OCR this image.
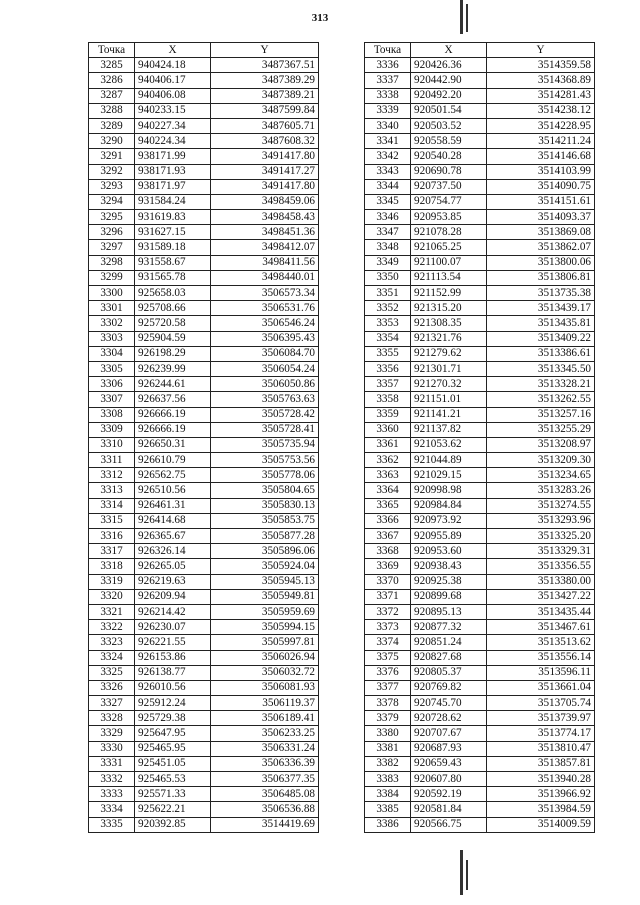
313
Точка	X	Y
3285	940424.18	3487367.51
3286	940406.17	3487389.29
3287	940406.08	3487389.21
3288	940233.15	3487599.84
3289	940227.34	3487605.71
3290	940224.34	3487608.32
3291	938171.99	3491417.80
3292	938171.93	3491417.27
3293	938171.97	3491417.80
3294	931584.24	3498459.06
3295	931619.83	3498458.43
3296	931627.15	3498451.36
3297	931589.18	3498412.07
3298	931558.67	3498411.56
3299	931565.78	3498440.01
3300	925658.03	3506573.34
3301	925708.66	3506531.76
3302	925720.58	3506546.24
3303	925904.59	3506395.43
3304	926198.29	3506084.70
3305	926239.99	3506054.24
3306	926244.61	3506050.86
3307	926637.56	3505763.63
3308	926666.19	3505728.42
3309	926666.19	3505728.41
3310	926650.31	3505735.94
3311	926610.79	3505753.56
3312	926562.75	3505778.06
3313	926510.56	3505804.65
3314	926461.31	3505830.13
3315	926414.68	3505853.75
3316	926365.67	3505877.28
3317	926326.14	3505896.06
3318	926265.05	3505924.04
3319	926219.63	3505945.13
3320	926209.94	3505949.81
3321	926214.42	3505959.69
3322	926230.07	3505994.15
3323	926221.55	3505997.81
3324	926153.86	3506026.94
3325	926138.77	3506032.72
3326	926010.56	3506081.93
3327	925912.24	3506119.37
3328	925729.38	3506189.41
3329	925647.95	3506233.25
3330	925465.95	3506331.24
3331	925451.05	3506336.39
3332	925465.53	3506377.35
3333	925571.33	3506485.08
3334	925622.21	3506536.88
3335	920392.85	3514419.69
Точка	X	Y
3336	920426.36	3514359.58
3337	920442.90	3514368.89
3338	920492.20	3514281.43
3339	920501.54	3514238.12
3340	920503.52	3514228.95
3341	920558.59	3514211.24
3342	920540.28	3514146.68
3343	920690.78	3514103.99
3344	920737.50	3514090.75
3345	920754.77	3514151.61
3346	920953.85	3514093.37
3347	921078.28	3513869.08
3348	921065.25	3513862.07
3349	921100.07	3513800.06
3350	921113.54	3513806.81
3351	921152.99	3513735.38
3352	921315.20	3513439.17
3353	921308.35	3513435.81
3354	921321.76	3513409.22
3355	921279.62	3513386.61
3356	921301.71	3513345.50
3357	921270.32	3513328.21
3358	921151.01	3513262.55
3359	921141.21	3513257.16
3360	921137.82	3513255.29
3361	921053.62	3513208.97
3362	921044.89	3513209.30
3363	921029.15	3513234.65
3364	920998.98	3513283.26
3365	920984.84	3513274.55
3366	920973.92	3513293.96
3367	920955.89	3513325.20
3368	920953.60	3513329.31
3369	920938.43	3513356.55
3370	920925.38	3513380.00
3371	920899.68	3513427.22
3372	920895.13	3513435.44
3373	920877.32	3513467.61
3374	920851.24	3513513.62
3375	920827.68	3513556.14
3376	920805.37	3513596.11
3377	920769.82	3513661.04
3378	920745.70	3513705.74
3379	920728.62	3513739.97
3380	920707.67	3513774.17
3381	920687.93	3513810.47
3382	920659.43	3513857.81
3383	920607.80	3513940.28
3384	920592.19	3513966.92
3385	920581.84	3513984.59
3386	920566.75	3514009.59
